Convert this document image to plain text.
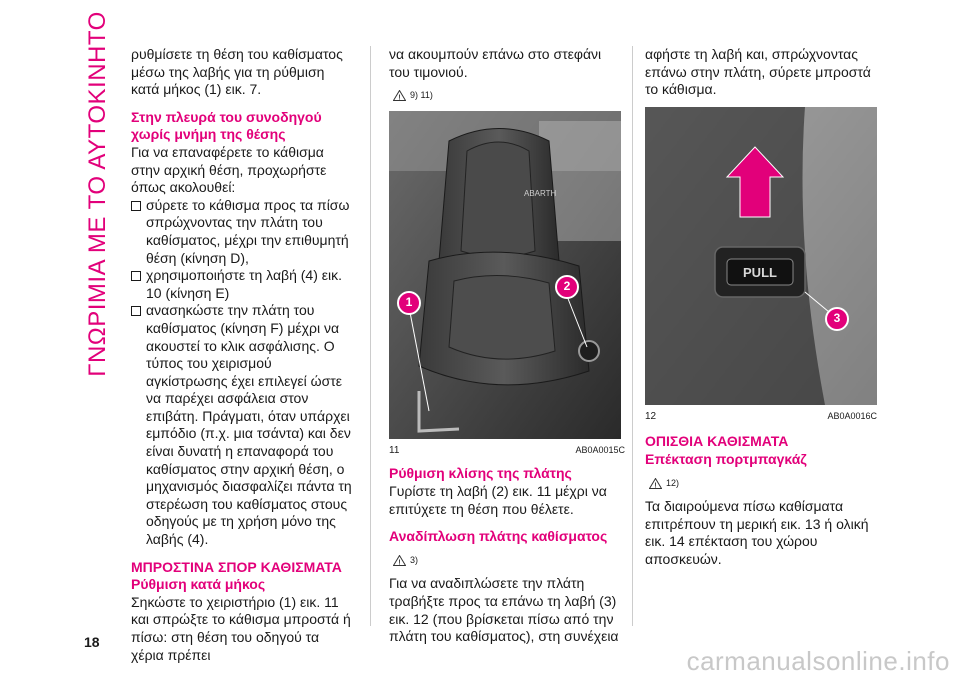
ΓΝΩΡΙΜΙΑ ΜΕ ΤΟ ΑΥΤΟΚΙΝΗΤΟ ρυθμίσετε τη θέση του καθίσματος μέσω της λαβής για τη ρύθμιση κατά μήκος (1) εικ. 7.

Στην πλευρά του συνοδηγού χωρίς μνήμη της θέσης

Για να επαναφέρετε το κάθισμα στην αρχική θέση, προχωρήστε όπως ακολουθεί:

σύρετε το κάθισμα προς τα πίσω σπρώχνοντας την πλάτη του καθίσματος, μέχρι την επιθυμητή θέση (κίνηση D),
χρησιμοποιήστε τη λαβή (4) εικ. 10 (κίνηση E)
ανασηκώστε την πλάτη του καθίσματος (κίνηση F) μέχρι να ακουστεί το κλικ ασφάλισης. Ο τύπος του χειρισμού αγκίστρωσης έχει επιλεγεί ώστε να παρέχει ασφάλεια στον επιβάτη. Πράγματι, όταν υπάρχει εμπόδιο (π.χ. μια τσάντα) και δεν είναι δυνατή η επαναφορά του καθίσματος στην αρχική θέση, ο μηχανισμός διασφαλίζει πάντα τη στερέωση του καθίσματος στους οδηγούς με τη χρήση μόνο της λαβής (4).

ΜΠΡΟΣΤΙΝΑ ΣΠΟΡ ΚΑΘΙΣΜΑΤΑ

Ρύθμιση κατά μήκος

Σηκώστε το χειριστήριο (1) εικ. 11 και σπρώξτε το κάθισμα μπροστά ή πίσω: στη θέση του οδηγού τα χέρια πρέπει

να ακουμπούν επάνω στο στεφάνι του τιμονιού.

! 9) 11)
ABARTH
1
2
11	AB0A0015C

Ρύθμιση κλίσης της πλάτης

Γυρίστε τη λαβή (2) εικ. 11 μέχρι να επιτύχετε τη θέση που θέλετε.

Αναδίπλωση πλάτης καθίσματος

! 3)

Για να αναδιπλώσετε την πλάτη τραβήξτε προς τα επάνω τη λαβή (3) εικ. 12 (που βρίσκεται πίσω από την πλάτη του καθίσματος), στη συνέχεια

αφήστε τη λαβή και, σπρώχνοντας επάνω στην πλάτη, σύρετε μπροστά το κάθισμα.

PULL
3
12	AB0A0016C

ΟΠΙΣΘΙΑ ΚΑΘΙΣΜΑΤΑ

Επέκταση πορτμπαγκάζ

! 12)

Τα διαιρούμενα πίσω καθίσματα επιτρέπουν τη μερική εικ. 13 ή ολική εικ. 14 επέκταση του χώρου αποσκευών.

18
carmanualsonline.info
